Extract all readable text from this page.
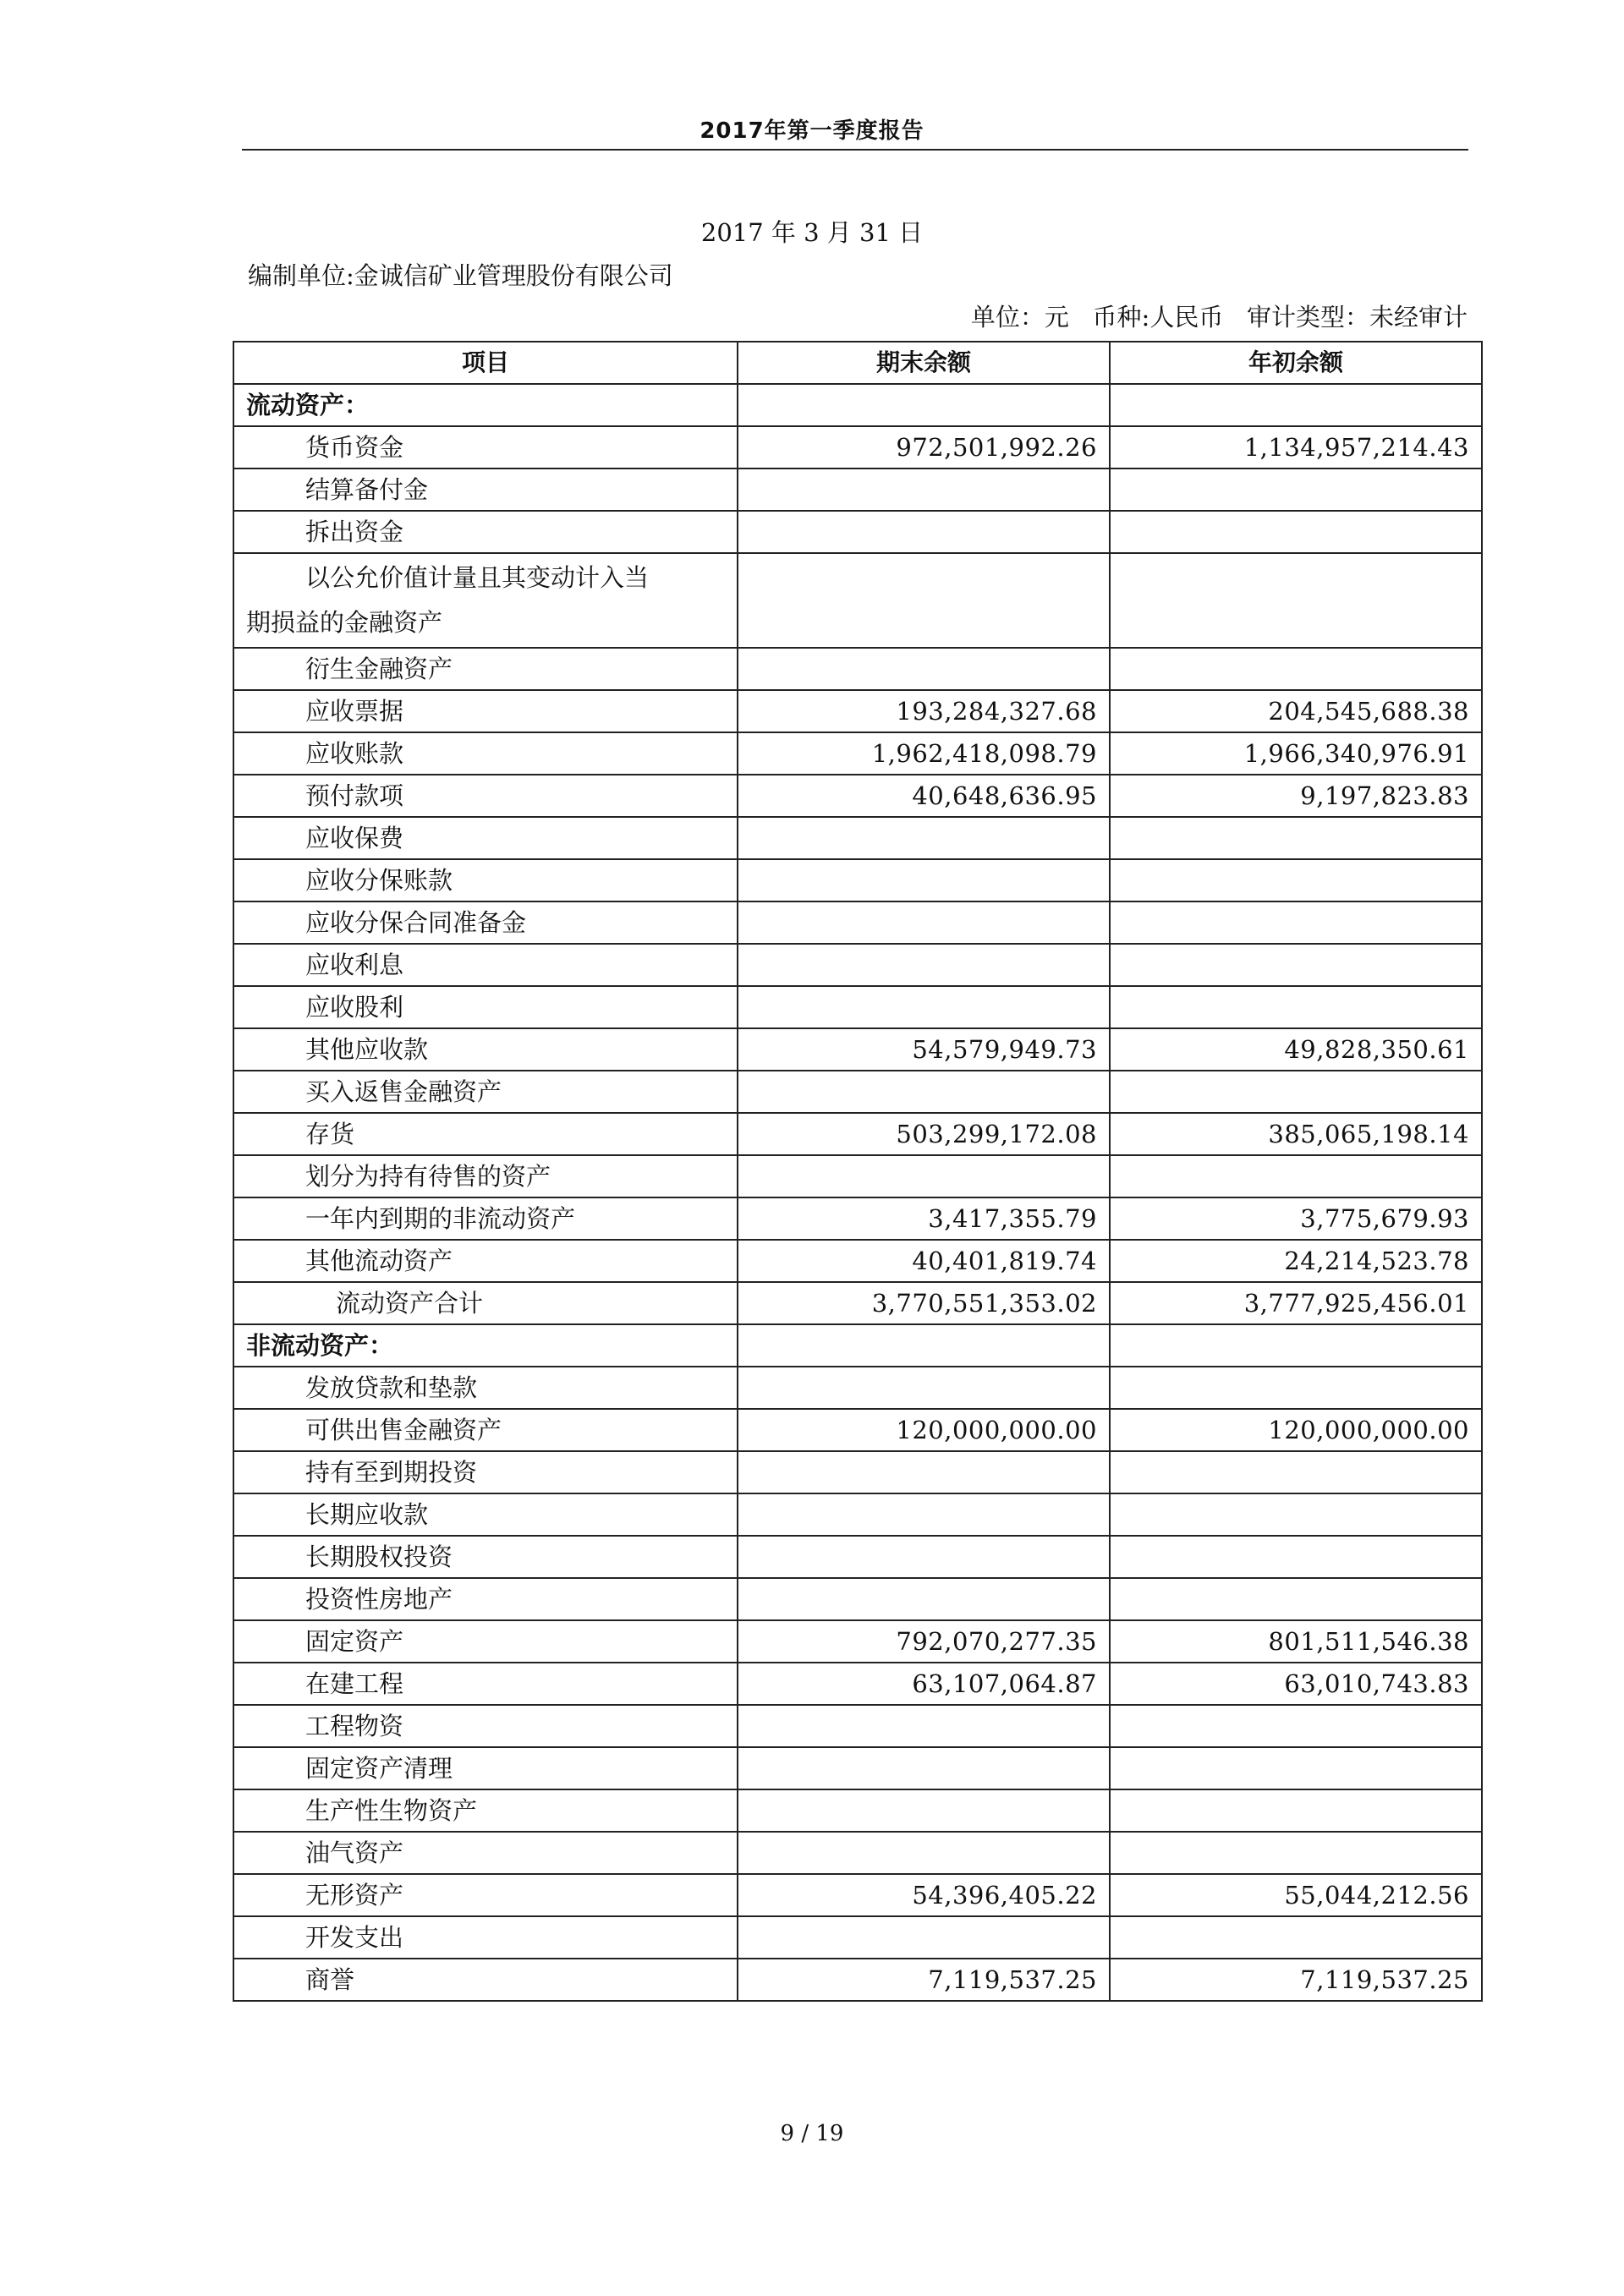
2017年第一季度报告
2017 年 3 月 31 日
编制单位:金诚信矿业管理股份有限公司
单位：元   币种:人民币   审计类型：未经审计
项目	期末余额	年初余额
流动资产：		
货币资金	972,501,992.26	1,134,957,214.43
结算备付金		
拆出资金		

以公允价值计量且其变动计入当
期损益的金融资产		
衍生金融资产		
应收票据	193,284,327.68	204,545,688.38
应收账款	1,962,418,098.79	1,966,340,976.91
预付款项	40,648,636.95	9,197,823.83
应收保费		
应收分保账款		
应收分保合同准备金		
应收利息		
应收股利		
其他应收款	54,579,949.73	49,828,350.61
买入返售金融资产		
存货	503,299,172.08	385,065,198.14
划分为持有待售的资产		
一年内到期的非流动资产	3,417,355.79	3,775,679.93
其他流动资产	40,401,819.74	24,214,523.78
流动资产合计	3,770,551,353.02	3,777,925,456.01
非流动资产：		
发放贷款和垫款		
可供出售金融资产	120,000,000.00	120,000,000.00
持有至到期投资		
长期应收款		
长期股权投资		
投资性房地产		
固定资产	792,070,277.35	801,511,546.38
在建工程	63,107,064.87	63,010,743.83
工程物资		
固定资产清理		
生产性生物资产		
油气资产		
无形资产	54,396,405.22	55,044,212.56
开发支出		
商誉	7,119,537.25	7,119,537.25
9 / 19
